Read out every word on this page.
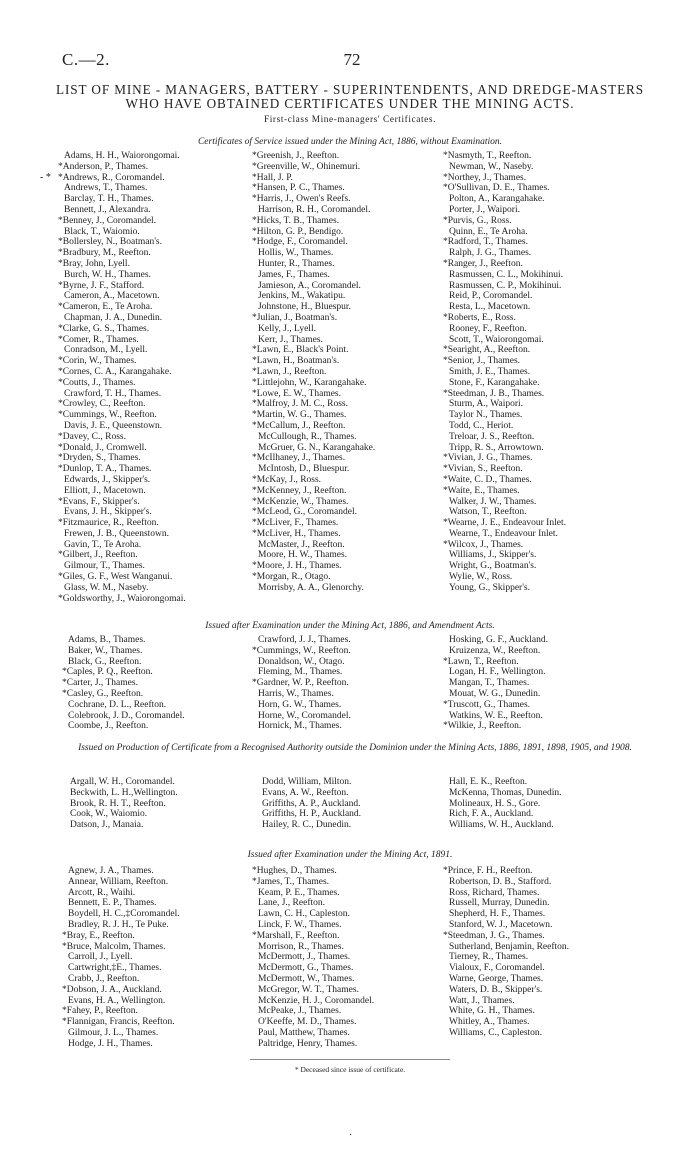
C.—2.	72
LIST OF MINE - MANAGERS, BATTERY - SUPERINTENDENTS, AND DREDGE-MASTERS WHO HAVE OBTAINED CERTIFICATES UNDER THE MINING ACTS.
First-class Mine-managers' Certificates.
- *
Certificates of Service issued under the Mining Act, 1886, without Examination.
Adams, H. H., Waiorongomai.
*Anderson, P., Thames.
*Andrews, R., Coromandel.
Andrews, T., Thames.
Barclay, T. H., Thames.
Bennett, J., Alexandra.
*Benney, J., Coromandel.
Black, T., Waiomio.
*Bollersley, N., Boatman's.
*Bradbury, M., Reefton.
*Bray, John, Lyell.
Burch, W. H., Thames.
*Byrne, J. F., Stafford.
Cameron, A., Macetown.
*Cameron, E., Te Aroha.
Chapman, J. A., Dunedin.
*Clarke, G. S., Thames.
*Comer, R., Thames.
Conradson, M., Lyell.
*Corin, W., Thames.
*Cornes, C. A., Karangahake.
*Coutts, J., Thames.
Crawford, T. H., Thames.
*Crowley, C., Reefton.
*Cummings, W., Reefton.
Davis, J. E., Queenstown.
*Davey, C., Ross.
*Donald, J., Cromwell.
*Dryden, S., Thames.
*Dunlop, T. A., Thames.
Edwards, J., Skipper's.
Elliott, J., Macetown.
*Evans, F., Skipper's.
Evans, J. H., Skipper's.
*Fitzmaurice, R., Reefton.
Frewen, J. B., Queenstown.
Gavin, T., Te Aroha.
*Gilbert, J., Reefton.
Gilmour, T., Thames.
*Giles, G. F., West Wanganui.
Glass, W. M., Naseby.
*Goldsworthy, J., Waiorongomai.
*Greenish, J., Reefton.
*Greenville, W., Ohinemuri.
*Hall, J. P.
*Hansen, P. C., Thames.
*Harris, J., Owen's Reefs.
Harrison, R. H., Coromandel.
*Hicks, T. B., Thames.
*Hilton, G. P., Bendigo.
*Hodge, F., Coromandel.
Hollis, W., Thames.
Hunter, R., Thames.
James, F., Thames.
Jamieson, A., Coromandel.
Jenkins, M., Wakatipu.
Johnstone, H., Bluespur.
*Julian, J., Boatman's.
Kelly, J., Lyell.
Kerr, J., Thames.
*Lawn, E., Black's Point.
*Lawn, H., Boatman's.
*Lawn, J., Reefton.
*Littlejohn, W., Karangahake.
*Lowe, E. W., Thames.
*Malfroy, J. M. C., Ross.
*Martin, W. G., Thames.
*McCallum, J., Reefton.
McCullough, R., Thames.
McGruer, G. N., Karangahake.
*McIlhaney, J., Thames.
McIntosh, D., Bluespur.
*McKay, J., Ross.
*McKenney, J., Reefton.
*McKenzie, W., Thames.
*McLeod, G., Coromandel.
*McLiver, F., Thames.
*McLiver, H., Thames.
McMaster, J., Reefton.
Moore, H. W., Thames.
*Moore, J. H., Thames.
*Morgan, R., Otago.
Morrisby, A. A., Glenorchy.
*Nasmyth, T., Reefton.
Newman, W., Naseby.
*Northey, J., Thames.
*O'Sullivan, D. E., Thames.
Polton, A., Karangahake.
Porter, J., Waipori.
*Purvis, G., Ross.
Quinn, E., Te Aroha.
*Radford, T., Thames.
Ralph, J. G., Thames.
*Ranger, J., Reefton.
Rasmussen, C. L., Mokihinui.
Rasmussen, C. P., Mokihinui.
Reid, P., Coromandel.
Resta, L., Macetown.
*Roberts, E., Ross.
Rooney, F., Reefton.
Scott, T., Waiorongomai.
*Searight, A., Reefton.
*Senior, J., Thames.
Smith, J. E., Thames.
Stone, F., Karangahake.
*Steedman, J. B., Thames.
Sturm, A., Waipori.
Taylor N., Thames.
Todd, C., Heriot.
Treloar, J. S., Reefton.
Tripp, R. S., Arrowtown.
*Vivian, J. G., Thames.
*Vivian, S., Reefton.
*Waite, C. D., Thames.
*Waite, E., Thames.
Walker, J. W., Thames.
Watson, T., Reefton.
*Wearne, J. E., Endeavour Inlet.
Wearne, T., Endeavour Inlet.
*Wilcox, J., Thames.
Williams, J., Skipper's.
Wright, G., Boatman's.
Wylie, W., Ross.
Young, G., Skipper's.
Issued after Examination under the Mining Act, 1886, and Amendment Acts.
Adams, B., Thames.
Baker, W., Thames.
Black, G., Reefton.
*Caples, P. Q., Reefton.
*Carter, J., Thames.
*Casley, G., Reefton.
Cochrane, D. L., Reefton.
Colebrook, J. D., Coromandel.
Coombe, J., Reefton.
Crawford, J. J., Thames.
*Cummings, W., Reefton.
Donaldson, W., Otago.
Fleming, M., Thames.
*Gardner, W. P., Reefton.
Harris, W., Thames.
Horn, G. W., Thames.
Horne, W., Coromandel.
Hornick, M., Thames.
Hosking, G. F., Auckland.
Kruizenza, W., Reefton.
*Lawn, T., Reefton.
Logan, H. F., Wellington.
Mangan, T., Thames.
Mouat, W. G., Dunedin.
*Truscott, G., Thames.
Watkins, W. E., Reefton.
*Wilkie, J., Reefton.
Issued on Production of Certificate from a Recognised Authority outside the Dominion under the Mining Acts, 1886, 1891, 1898, 1905, and 1908.
Argall, W. H., Coromandel.
Beckwith, L. H.,Wellington.
Brook, R. H. T., Reefton.
Cook, W., Waiomio.
Datson, J., Manaia.
Dodd, William, Milton.
Evans, A. W., Reefton.
Griffiths, A. P., Auckland.
Griffiths, H. P., Auckland.
Hailey, R. C., Dunedin.
Hall, E. K., Reefton.
McKenna, Thomas, Dunedin.
Molineaux, H. S., Gore.
Rich, F. A., Auckland.
Williams, W. H., Auckland.
Issued after Examination under the Mining Act, 1891.
Agnew, J. A., Thames.
Annear, William, Reefton.
Arcott, R., Waihi.
Bennett, E. P., Thames.
Boydell, H. C.,‡Coromandel.
Bradley, R. J. H., Te Puke.
*Bray, E., Reefton.
*Bruce, Malcolm, Thames.
Carroll, J., Lyell.
Cartwright,‡E., Thames.
Crabb, J., Reefton.
*Dobson, J. A., Auckland.
Evans, H. A., Wellington.
*Fahey, P., Reefton.
*Flannigan, Francis, Reefton.
Gilmour, J. L., Thames.
Hodge, J. H., Thames.
*Hughes, D., Thames.
*James, T., Thames.
Keam, P. E., Thames.
Lane, J., Reefton.
Lawn, C. H., Capleston.
Linck, F. W., Thames.
*Marshall, F., Reefton.
Morrison, R., Thames.
McDermott, J., Thames.
McDermott, G., Thames.
McDermott, W., Thames.
McGregor, W. T., Thames.
McKenzie, H. J., Coromandel.
McPeake, J., Thames.
O'Keeffe, M. D., Thames.
Paul, Matthew, Thames.
Paltridge, Henry, Thames.
*Prince, F. H., Reefton.
Robertson, D. B., Stafford.
Ross, Richard, Thames.
Russell, Murray, Dunedin.
Shepherd, H. F., Thames.
Stanford, W. J., Macetown.
*Steedman, J. G., Thames.
Sutherland, Benjamin, Reefton.
Tierney, R., Thames.
Vialoux, F., Coromandel.
Warne, George, Thames.
Waters, D. B., Skipper's.
Watt, J., Thames.
White, G. H., Thames.
Whitley, A., Thames.
Williams, C., Capleston.
* Deceased since issue of certificate.
·
